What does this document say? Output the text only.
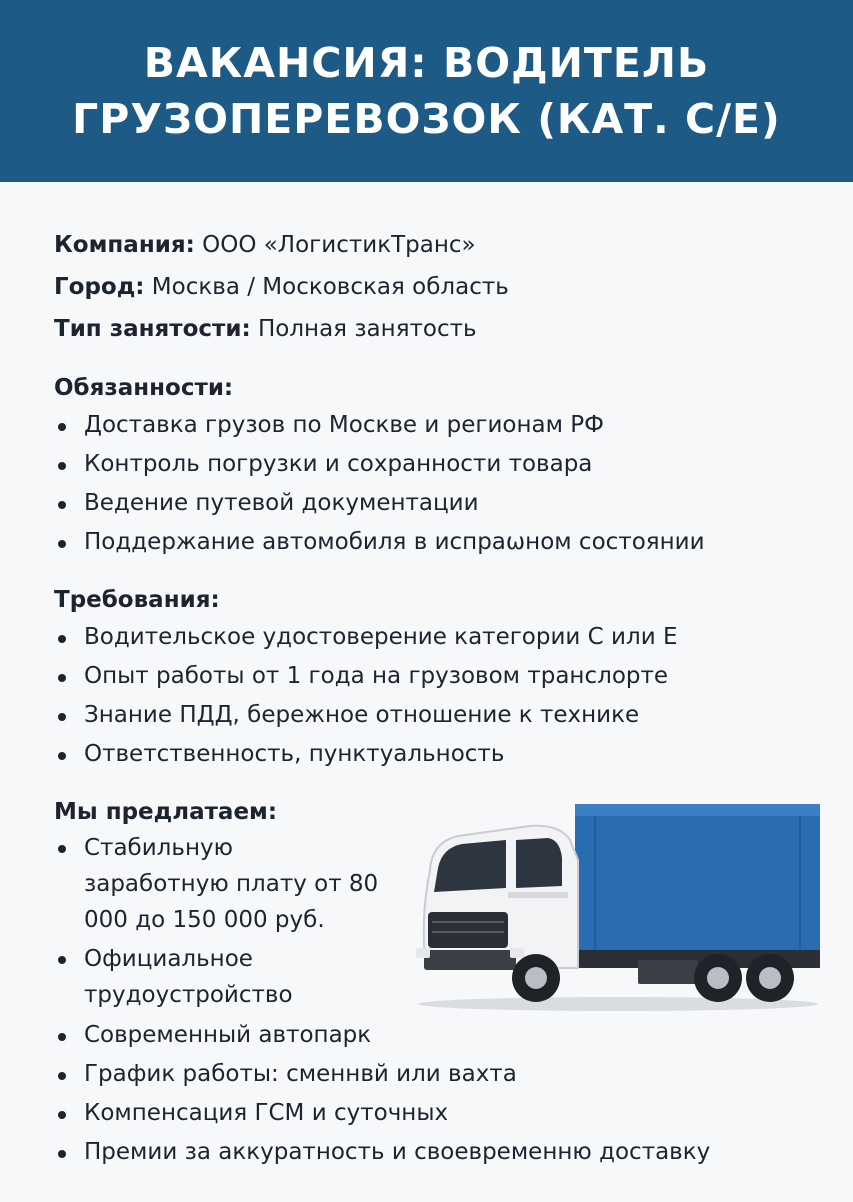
ВАКАНСИЯ: ВОДИТЕЛЬ
ГРУЗОПЕРЕВОЗОК (КАТ. С/Е)
Компания: ООО «ЛогистикТранс»
Город: Москва / Московская область
Тип занятости: Полная занятость
Обязанности:
Доставка грузов по Москве и регионам РФ
Контроль погрузки и сохранности товара
Ведение путевой документации
Поддержание автомобиля в испраωном состоянии
Требования:
Водительское удостоверение категории С или Е
Опыт работы от 1 года на грузовом транслорте
Знание ПДД, бережное отношение к технике
Ответственность, пунктуальность
Мы предлатаем:
Стабильную заработную плату от 80 000 до 150 000 руб.
Официальное трудоустройство
Современный автопарк
График работы: сменнвй или вахта
Компенсация ГСМ и суточных
Премии за аккуратность и своевременню доставку
